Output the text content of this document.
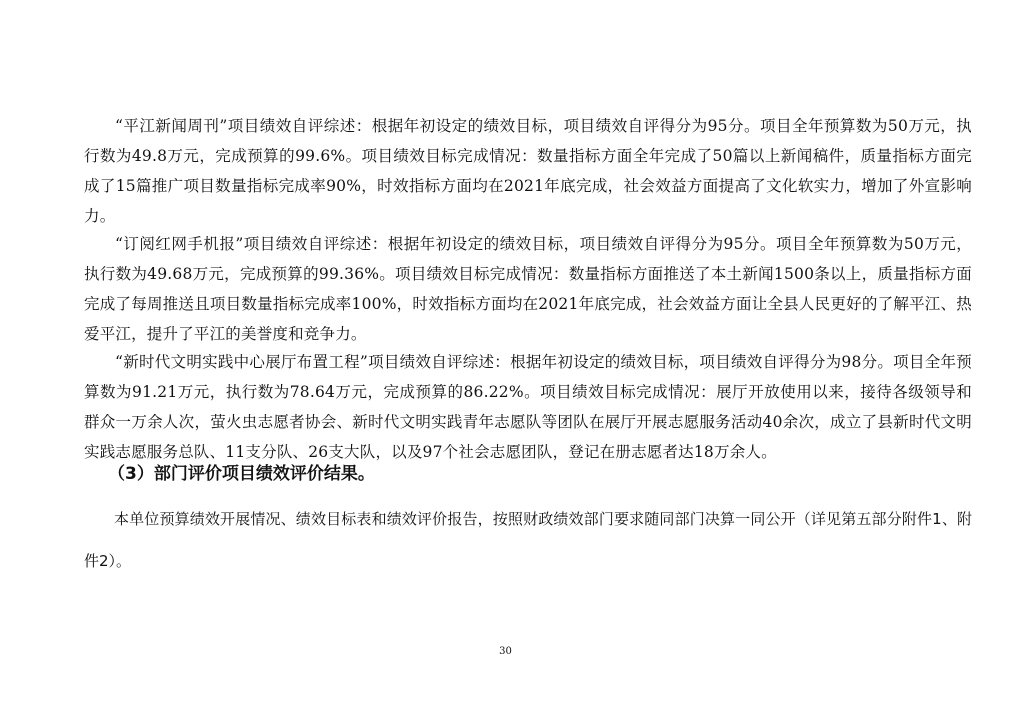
“平江新闻周刊”项目绩效自评综述：根据年初设定的绩效目标，项目绩效自评得分为95分。项目全年预算数为50万元，执行数为49.8万元，完成预算的99.6%。项目绩效目标完成情况：数量指标方面全年完成了50篇以上新闻稿件，质量指标方面完成了15篇推广项目数量指标完成率90%，时效指标方面均在2021年底完成，社会效益方面提高了文化软实力，增加了外宣影响力。

“订阅红网手机报”项目绩效自评综述：根据年初设定的绩效目标，项目绩效自评得分为95分。项目全年预算数为50万元，执行数为49.68万元，完成预算的99.36%。项目绩效目标完成情况：数量指标方面推送了本土新闻1500条以上，质量指标方面完成了每周推送且项目数量指标完成率100%，时效指标方面均在2021年底完成，社会效益方面让全县人民更好的了解平江、热爱平江，提升了平江的美誉度和竞争力。

“新时代文明实践中心展厅布置工程”项目绩效自评综述：根据年初设定的绩效目标，项目绩效自评得分为98分。项目全年预算数为91.21万元，执行数为78.64万元，完成预算的86.22%。项目绩效目标完成情况：展厅开放使用以来，接待各级领导和群众一万余人次，萤火虫志愿者协会、新时代文明实践青年志愿队等团队在展厅开展志愿服务活动40余次，成立了县新时代文明实践志愿服务总队、11支分队、26支大队，以及97个社会志愿团队，登记在册志愿者达18万余人。

（3）部门评价项目绩效评价结果。

本单位预算绩效开展情况、绩效目标表和绩效评价报告，按照财政绩效部门要求随同部门决算一同公开（详见第五部分附件1、附件2）。

30
